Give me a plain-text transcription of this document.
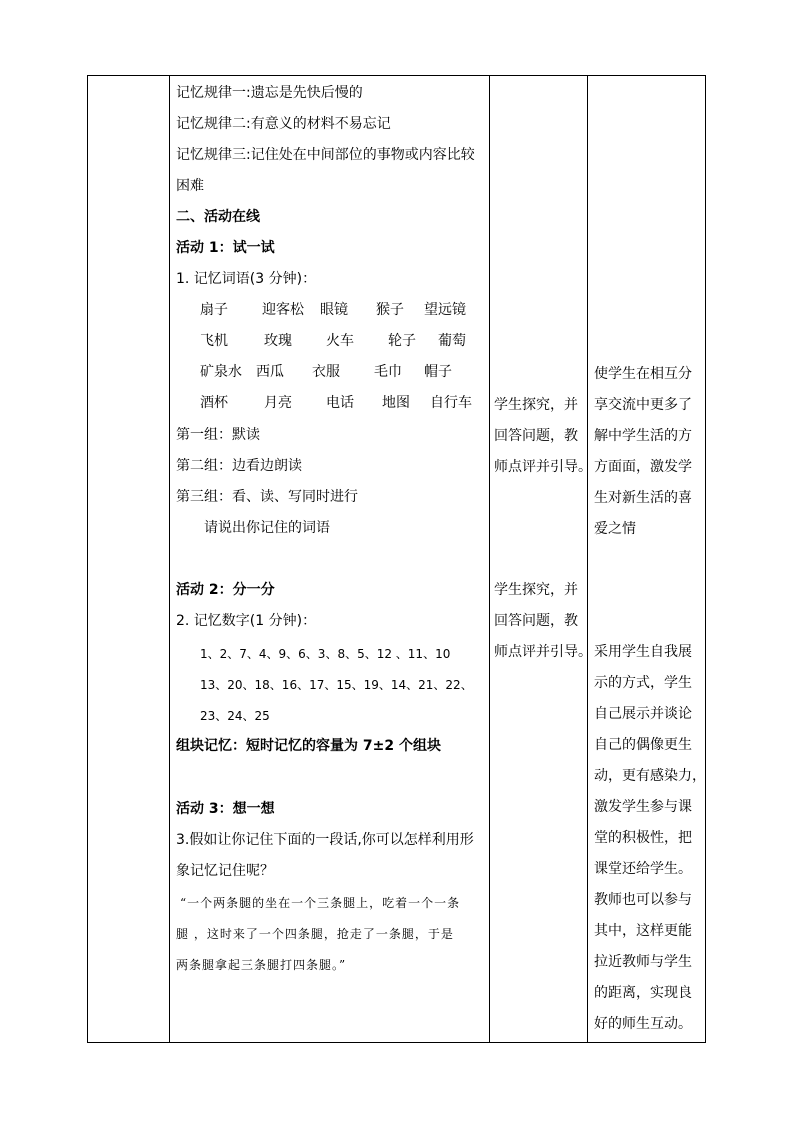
记忆规律一:遗忘是先快后慢的
记忆规律二:有意义的材料不易忘记
记忆规律三:记住处在中间部位的事物或内容比较
困难
二、活动在线
活动 1：试一试
1. 记忆词语(3 分钟)：
扇子 迎客松 眼镜 猴子 望远镜
飞机	玫瑰 火车 轮子 葡萄
矿泉水 西瓜 衣服 毛巾 帽子
酒杯	月亮 电话 地图 自行车
第一组：默读
第二组：边看边朗读
第三组：看、读、写同时进行
请说出你记住的词语
活动 2：分一分
2. 记忆数字(1 分钟)：
1、2、7、4、9、6、3、8、5、12 、11、10
13、20、18、16、17、15、19、14、21、22、
23、24、25
组块记忆：短时记忆的容量为 7±2 个组块
活动 3：想一想
3.假如让你记住下面的一段话,你可以怎样利用形
象记忆记住呢？
“一个两条腿的坐在一个三条腿上，吃着一个一条
腿 ，这时来了一个四条腿，抢走了一条腿，于是
两条腿拿起三条腿打四条腿。”
学生探究，并
回答问题，教
师点评并引导。
学生探究，并
回答问题，教
师点评并引导。
使学生在相互分
享交流中更多了
解中学生活的方
方面面，激发学
生对新生活的喜
爱之情
采用学生自我展
示的方式，学生
自己展示并谈论
自己的偶像更生
动，更有感染力，
激发学生参与课
堂的积极性，把
课堂还给学生。
教师也可以参与
其中，这样更能
拉近教师与学生
的距离，实现良
好的师生互动。
